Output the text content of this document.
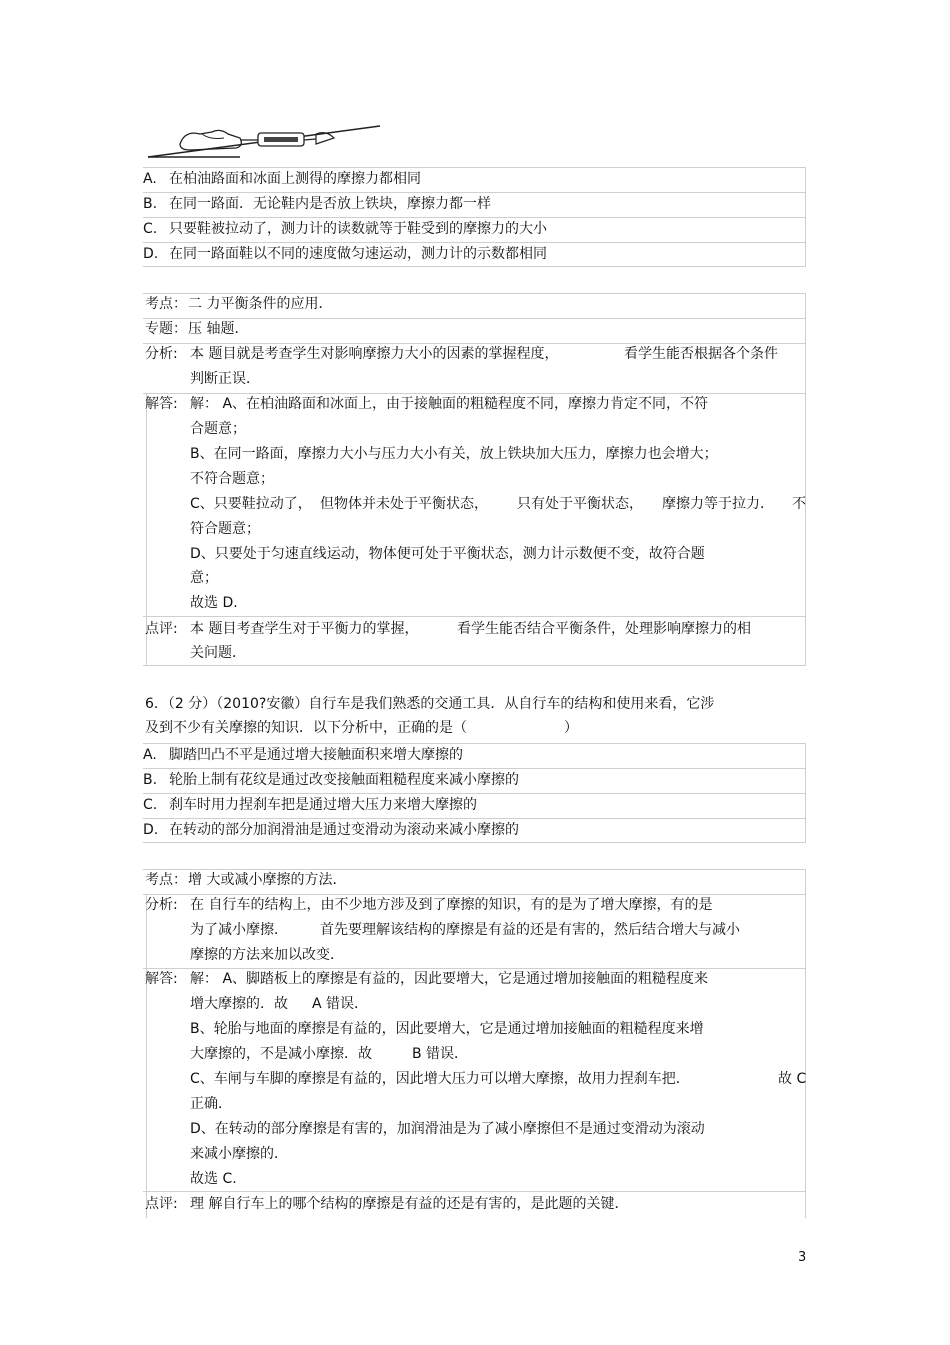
A. 在柏油路面和冰面上测得的摩擦力都相同
B. 在同一路面．无论鞋内是否放上铁块，摩擦力都一样
C. 只要鞋被拉动了，测力计的读数就等于鞋受到的摩擦力的大小
D. 在同一路面鞋以不同的速度做匀速运动，测力计的示数都相同
考点： 二 力平衡条件的应用．
专题： 压 轴题．
分析: 本 题目就是考查学生对影响摩擦力大小的因素的掌握程度，	看学生能否根据各个条件
判断正误．
解答: 解： A、在柏油路面和冰面上，由于接触面的粗糙程度不同，摩擦力肯定不同，不符
合题意；
B、在同一路面，摩擦力大小与压力大小有关，放上铁块加大压力，摩擦力也会增大；
不符合题意；
C、只要鞋拉动了， 但物体并未处于平衡状态， 只有处于平衡状态， 摩擦力等于拉力． 不
符合题意；
D、只要处于匀速直线运动，物体便可处于平衡状态，测力计示数便不变，故符合题
意；
故选 D.
点评: 本 题目考查学生对于平衡力的掌握，	看学生能否结合平衡条件，处理影响摩擦力的相
关问题．
6．（2 分）（2010?安徽）自行车是我们熟悉的交通工具．从自行车的结构和使用来看，它涉
及到不少有关摩擦的知识．以下分析中，正确的是（	）
A. 脚踏凹凸不平是通过增大接触面积来增大摩擦的
B. 轮胎上制有花纹是通过改变接触面粗糙程度来减小摩擦的
C. 刹车时用力捏刹车把是通过增大压力来增大摩擦的
D. 在转动的部分加润滑油是通过变滑动为滚动来减小摩擦的
考点： 增 大或减小摩擦的方法．
分析: 在 自行车的结构上，由不少地方涉及到了摩擦的知识，有的是为了增大摩擦，有的是
为了减小摩擦． 首先要理解该结构的摩擦是有益的还是有害的，然后结合增大与减小
摩擦的方法来加以改变．
解答: 解： A、脚踏板上的摩擦是有益的，因此要增大，它是通过增加接触面的粗糙程度来
增大摩擦的．故 A 错误．
B、轮胎与地面的摩擦是有益的，因此要增大，它是通过增加接触面的粗糙程度来增
大摩擦的，不是减小摩擦．故	B 错误．
C、车闸与车脚的摩擦是有益的，因此增大压力可以增大摩擦，故用力捏刹车把．	故 C
正确．
D、在转动的部分摩擦是有害的，加润滑油是为了减小摩擦但不是通过变滑动为滚动
来减小摩擦的．
故选 C.
点评: 理 解自行车上的哪个结构的摩擦是有益的还是有害的，是此题的关键．
3
